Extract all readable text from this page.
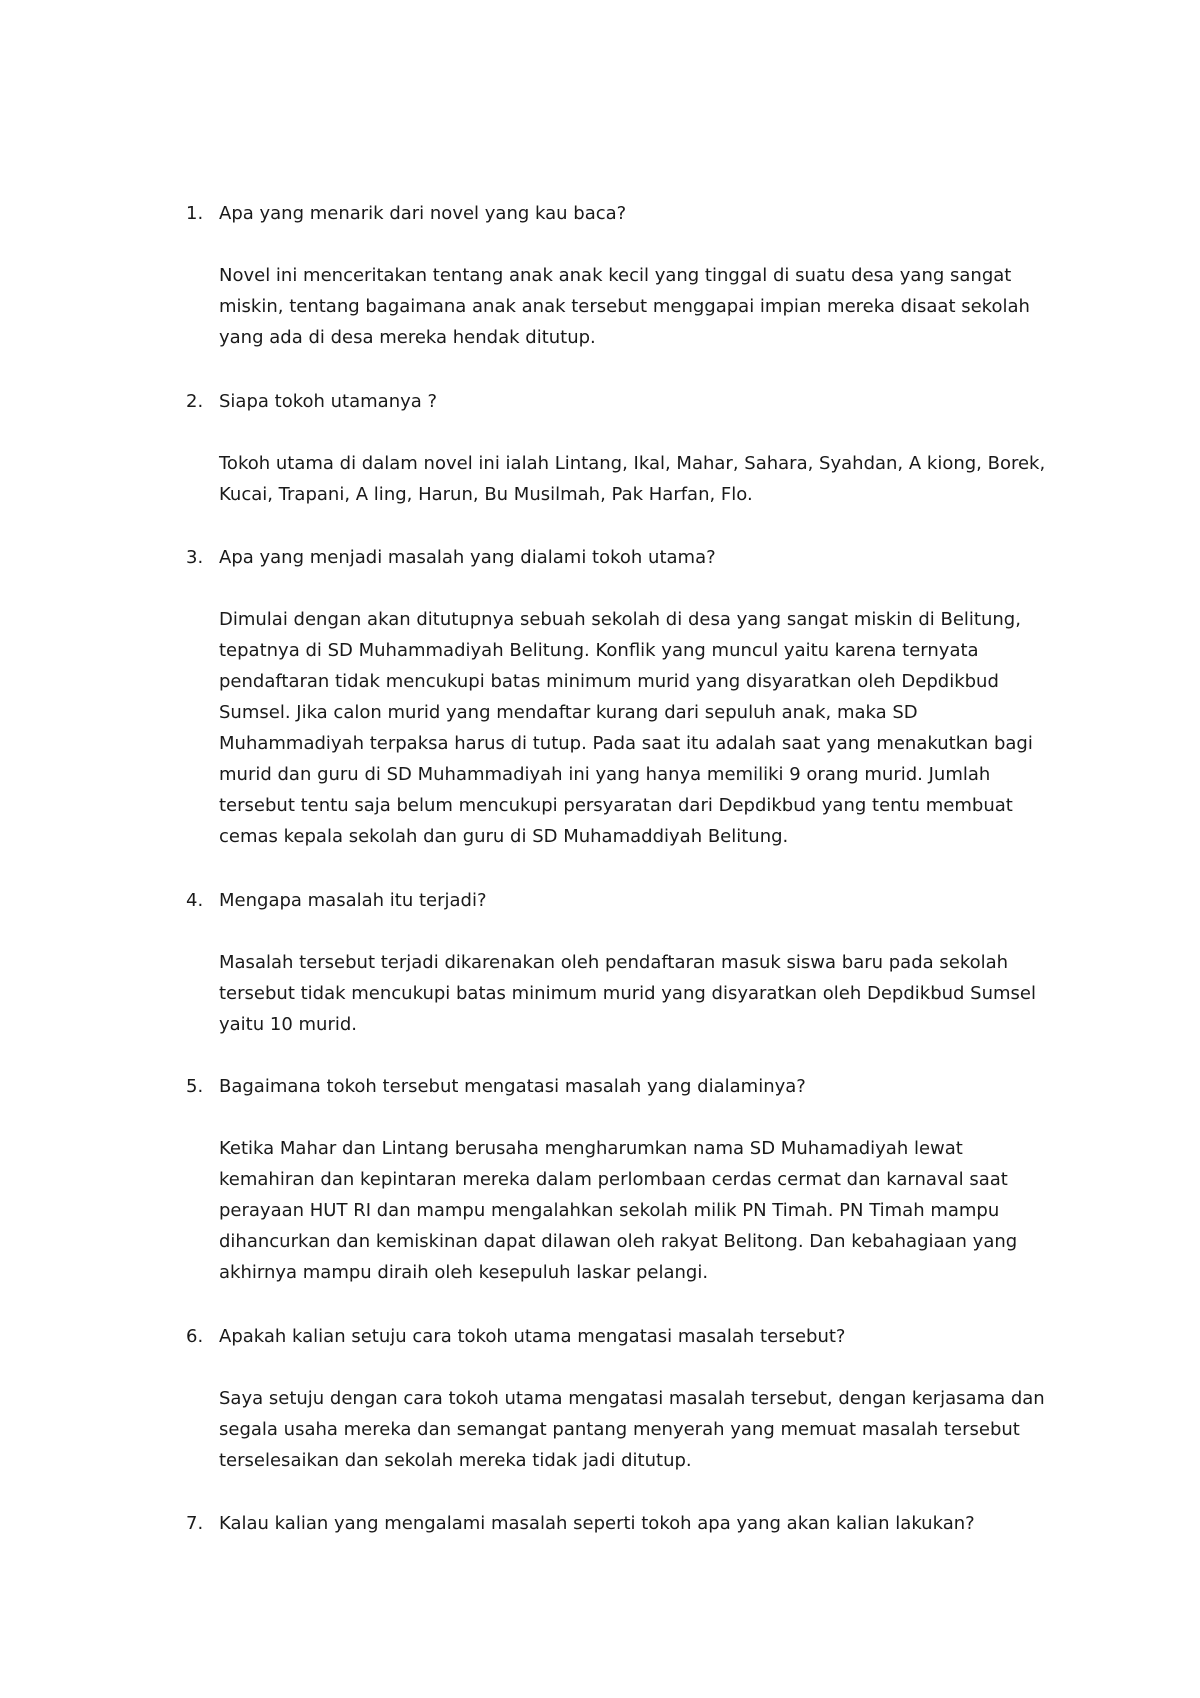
1. Apa yang menarik dari novel yang kau baca?
Novel ini menceritakan tentang anak anak kecil yang tinggal di suatu desa yang sangat
miskin, tentang bagaimana anak anak tersebut menggapai impian mereka disaat sekolah
yang ada di desa mereka hendak ditutup.
2. Siapa tokoh utamanya ?
Tokoh utama di dalam novel ini ialah Lintang, Ikal, Mahar, Sahara, Syahdan, A kiong, Borek,
Kucai, Trapani, A ling, Harun, Bu Musilmah, Pak Harfan, Flo.
3. Apa yang menjadi masalah yang dialami tokoh utama?
Dimulai dengan akan ditutupnya sebuah sekolah di desa yang sangat miskin di Belitung,
tepatnya di SD Muhammadiyah Belitung. Konflik yang muncul yaitu karena ternyata
pendaftaran tidak mencukupi batas minimum murid yang disyaratkan oleh Depdikbud
Sumsel. Jika calon murid yang mendaftar kurang dari sepuluh anak, maka SD
Muhammadiyah terpaksa harus di tutup. Pada saat itu adalah saat yang menakutkan bagi
murid dan guru di SD Muhammadiyah ini yang hanya memiliki 9 orang murid. Jumlah
tersebut tentu saja belum mencukupi persyaratan dari Depdikbud yang tentu membuat
cemas kepala sekolah dan guru di SD Muhamaddiyah Belitung.
4. Mengapa masalah itu terjadi?
Masalah tersebut terjadi dikarenakan oleh pendaftaran masuk siswa baru pada sekolah
tersebut tidak mencukupi batas minimum murid yang disyaratkan oleh Depdikbud Sumsel
yaitu 10 murid.
5. Bagaimana tokoh tersebut mengatasi masalah yang dialaminya?
Ketika Mahar dan Lintang berusaha mengharumkan nama SD Muhamadiyah lewat
kemahiran dan kepintaran mereka dalam perlombaan cerdas cermat dan karnaval saat
perayaan HUT RI dan mampu mengalahkan sekolah milik PN Timah. PN Timah mampu
dihancurkan dan kemiskinan dapat dilawan oleh rakyat Belitong. Dan kebahagiaan yang
akhirnya mampu diraih oleh kesepuluh laskar pelangi.
6. Apakah kalian setuju cara tokoh utama mengatasi masalah tersebut?
Saya setuju dengan cara tokoh utama mengatasi masalah tersebut, dengan kerjasama dan
segala usaha mereka dan semangat pantang menyerah yang memuat masalah tersebut
terselesaikan dan sekolah mereka tidak jadi ditutup.
7. Kalau kalian yang mengalami masalah seperti tokoh apa yang akan kalian lakukan?
